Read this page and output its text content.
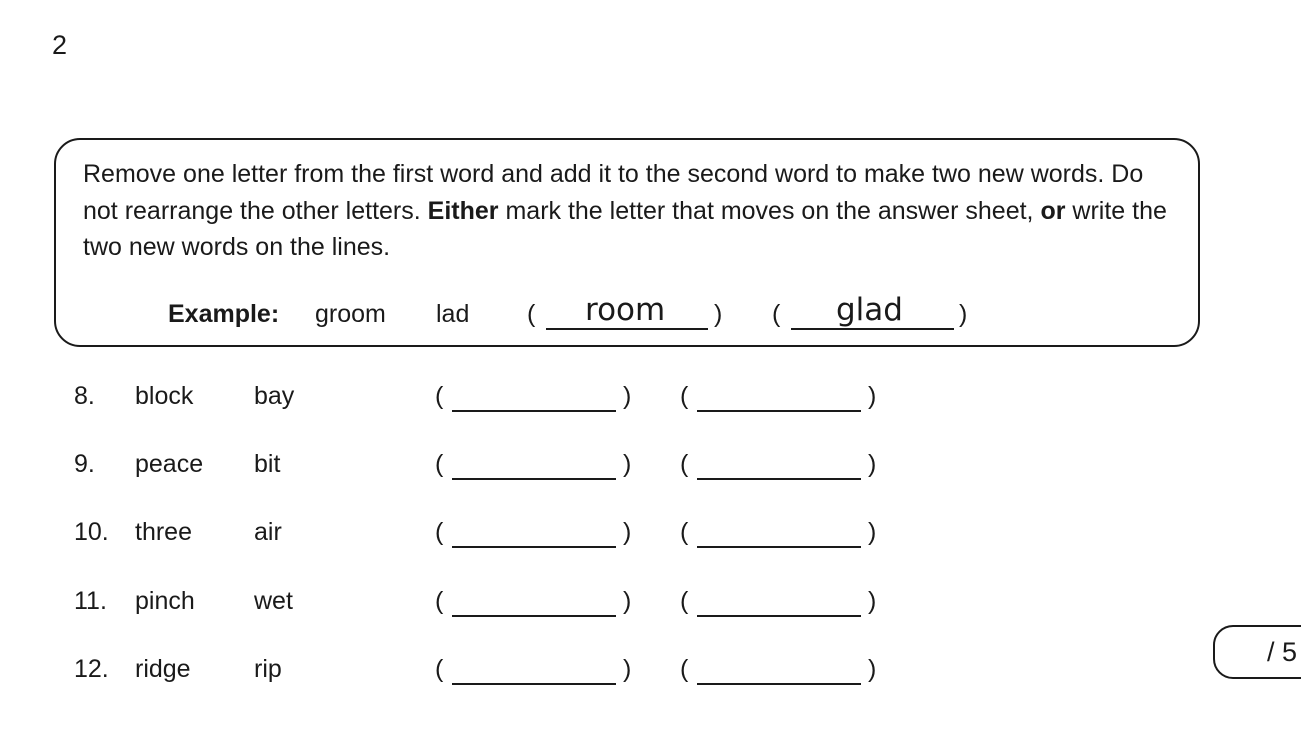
2
Remove one letter from the first word and add it to the second word to make two new words. Do not rearrange the other letters. Either mark the letter that moves on the answer sheet, or write the two new words on the lines.
Example: groom lad ( room ) ( glad )
8. block bay	(	) (	)
9. peace bit	(	) (	)
10. three air	(	) (	)
11. pinch wet	(	) (	)
12. ridge	rip	(	) (	)
/ 5
